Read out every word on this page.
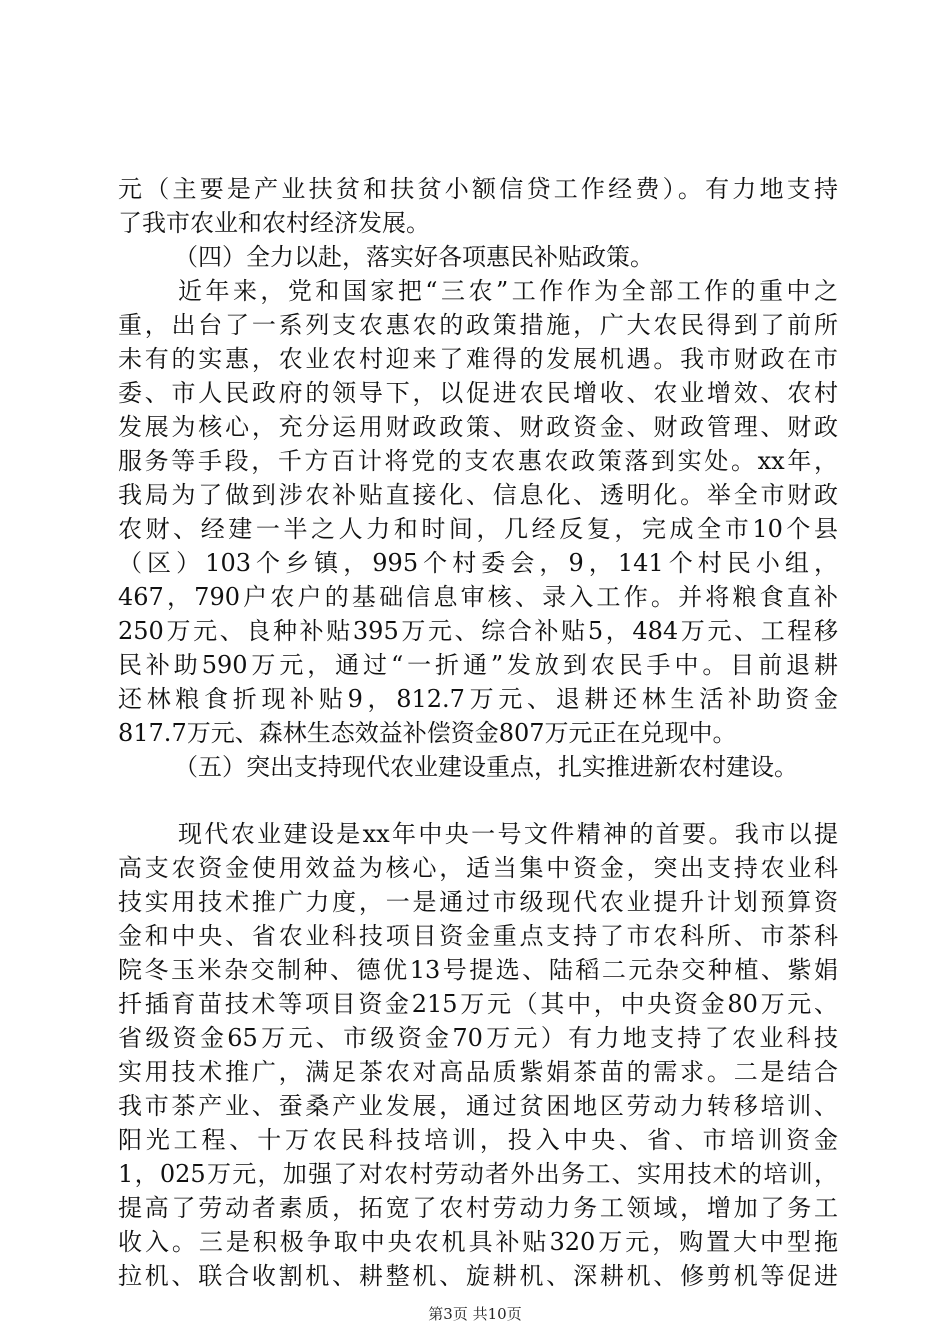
元（主要是产业扶贫和扶贫小额信贷工作经费）。有力地支持
了我市农业和农村经济发展。
（四）全力以赴，落实好各项惠民补贴政策。
近年来，党和国家把“三农”工作作为全部工作的重中之
重，出台了一系列支农惠农的政策措施，广大农民得到了前所
未有的实惠，农业农村迎来了难得的发展机遇。我市财政在市
委、市人民政府的领导下，以促进农民增收、农业增效、农村
发展为核心，充分运用财政政策、财政资金、财政管理、财政
服务等手段，千方百计将党的支农惠农政策落到实处。xx年，
我局为了做到涉农补贴直接化、信息化、透明化。举全市财政
农财、经建一半之人力和时间，几经反复，完成全市10个县
（区）103个乡镇，995个村委会，9，141个村民小组，
467，790户农户的基础信息审核、录入工作。并将粮食直补
250万元、良种补贴395万元、综合补贴5，484万元、工程移
民补助590万元，通过“一折通”发放到农民手中。目前退耕
还林粮食折现补贴9，812.7万元、退耕还林生活补助资金
817.7万元、森林生态效益补偿资金807万元正在兑现中。
（五）突出支持现代农业建设重点，扎实推进新农村建设。
现代农业建设是xx年中央一号文件精神的首要。我市以提
高支农资金使用效益为核心，适当集中资金，突出支持农业科
技实用技术推广力度，一是通过市级现代农业提升计划预算资
金和中央、省农业科技项目资金重点支持了市农科所、市茶科
院冬玉米杂交制种、德优13号提选、陆稻二元杂交种植、紫娟
扦插育苗技术等项目资金215万元（其中，中央资金80万元、
省级资金65万元、市级资金70万元）有力地支持了农业科技
实用技术推广，满足茶农对高品质紫娟茶苗的需求。二是结合
我市茶产业、蚕桑产业发展，通过贫困地区劳动力转移培训、
阳光工程、十万农民科技培训，投入中央、省、市培训资金
1，025万元，加强了对农村劳动者外出务工、实用技术的培训，
提高了劳动者素质，拓宽了农村劳动力务工领域，增加了务工
收入。三是积极争取中央农机具补贴320万元，购置大中型拖
拉机、联合收割机、耕整机、旋耕机、深耕机、修剪机等促进
第3页 共10页
